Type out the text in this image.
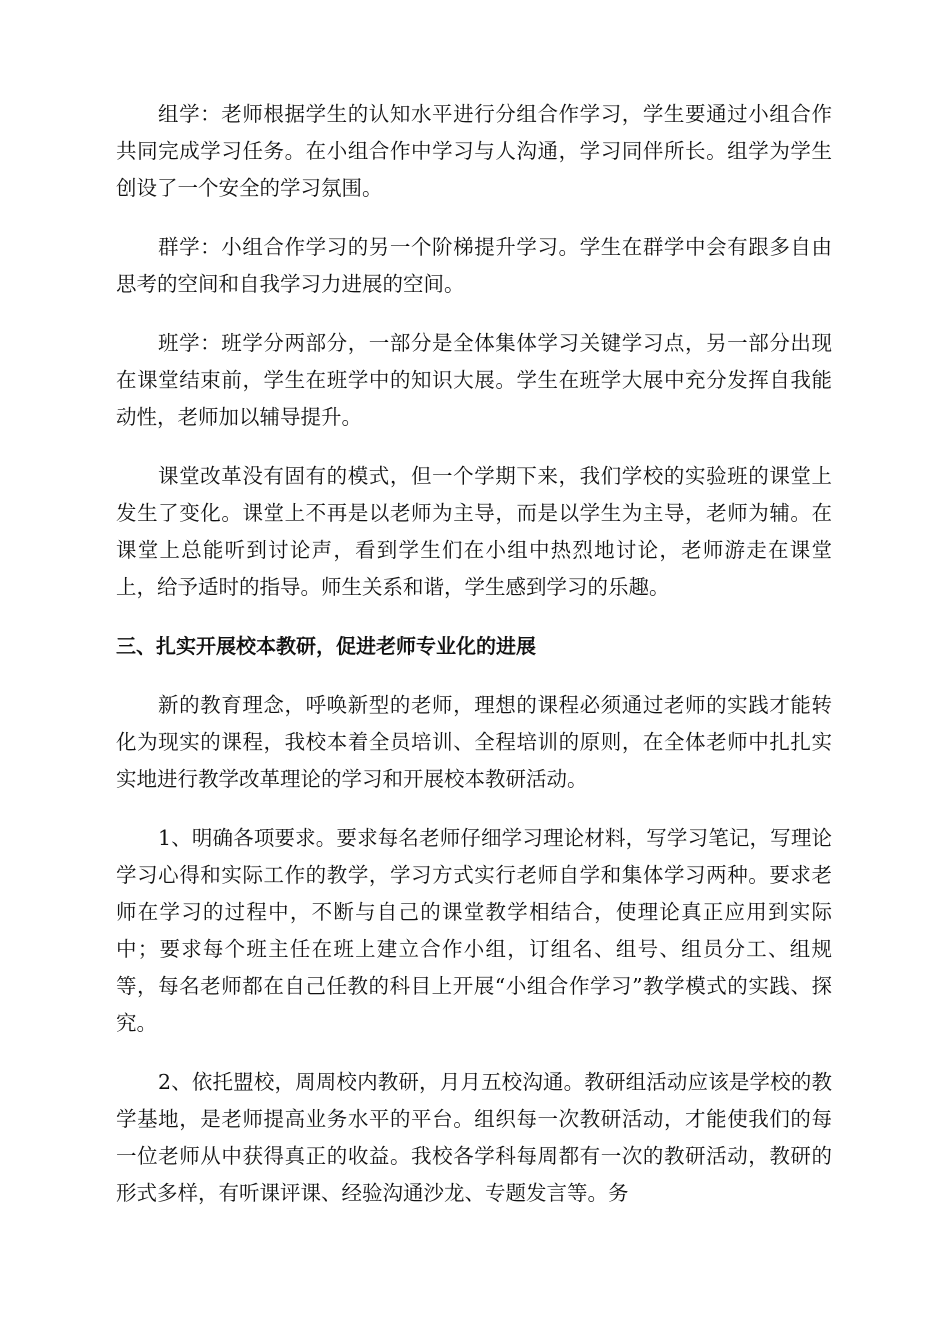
组学：老师根据学生的认知水平进行分组合作学习，学生要通过小组合作共同完成学习任务。在小组合作中学习与人沟通，学习同伴所长。组学为学生创设了一个安全的学习氛围。

群学：小组合作学习的另一个阶梯提升学习。学生在群学中会有跟多自由思考的空间和自我学习力进展的空间。

班学：班学分两部分，一部分是全体集体学习关键学习点，另一部分出现在课堂结束前，学生在班学中的知识大展。学生在班学大展中充分发挥自我能动性，老师加以辅导提升。

课堂改革没有固有的模式，但一个学期下来，我们学校的实验班的课堂上发生了变化。课堂上不再是以老师为主导，而是以学生为主导，老师为辅。在课堂上总能听到讨论声，看到学生们在小组中热烈地讨论，老师游走在课堂上，给予适时的指导。师生关系和谐，学生感到学习的乐趣。

三、扎实开展校本教研，促进老师专业化的进展

新的教育理念，呼唤新型的老师，理想的课程必须通过老师的实践才能转化为现实的课程，我校本着全员培训、全程培训的原则，在全体老师中扎扎实实地进行教学改革理论的学习和开展校本教研活动。

1、明确各项要求。要求每名老师仔细学习理论材料，写学习笔记，写理论学习心得和实际工作的教学，学习方式实行老师自学和集体学习两种。要求老师在学习的过程中，不断与自己的课堂教学相结合，使理论真正应用到实际中；要求每个班主任在班上建立合作小组，订组名、组号、组员分工、组规等，每名老师都在自己任教的科目上开展“小组合作学习”教学模式的实践、探究。

2、依托盟校，周周校内教研，月月五校沟通。教研组活动应该是学校的教学基地，是老师提高业务水平的平台。组织每一次教研活动，才能使我们的每一位老师从中获得真正的收益。我校各学科每周都有一次的教研活动，教研的形式多样，有听课评课、经验沟通沙龙、专题发言等。务
